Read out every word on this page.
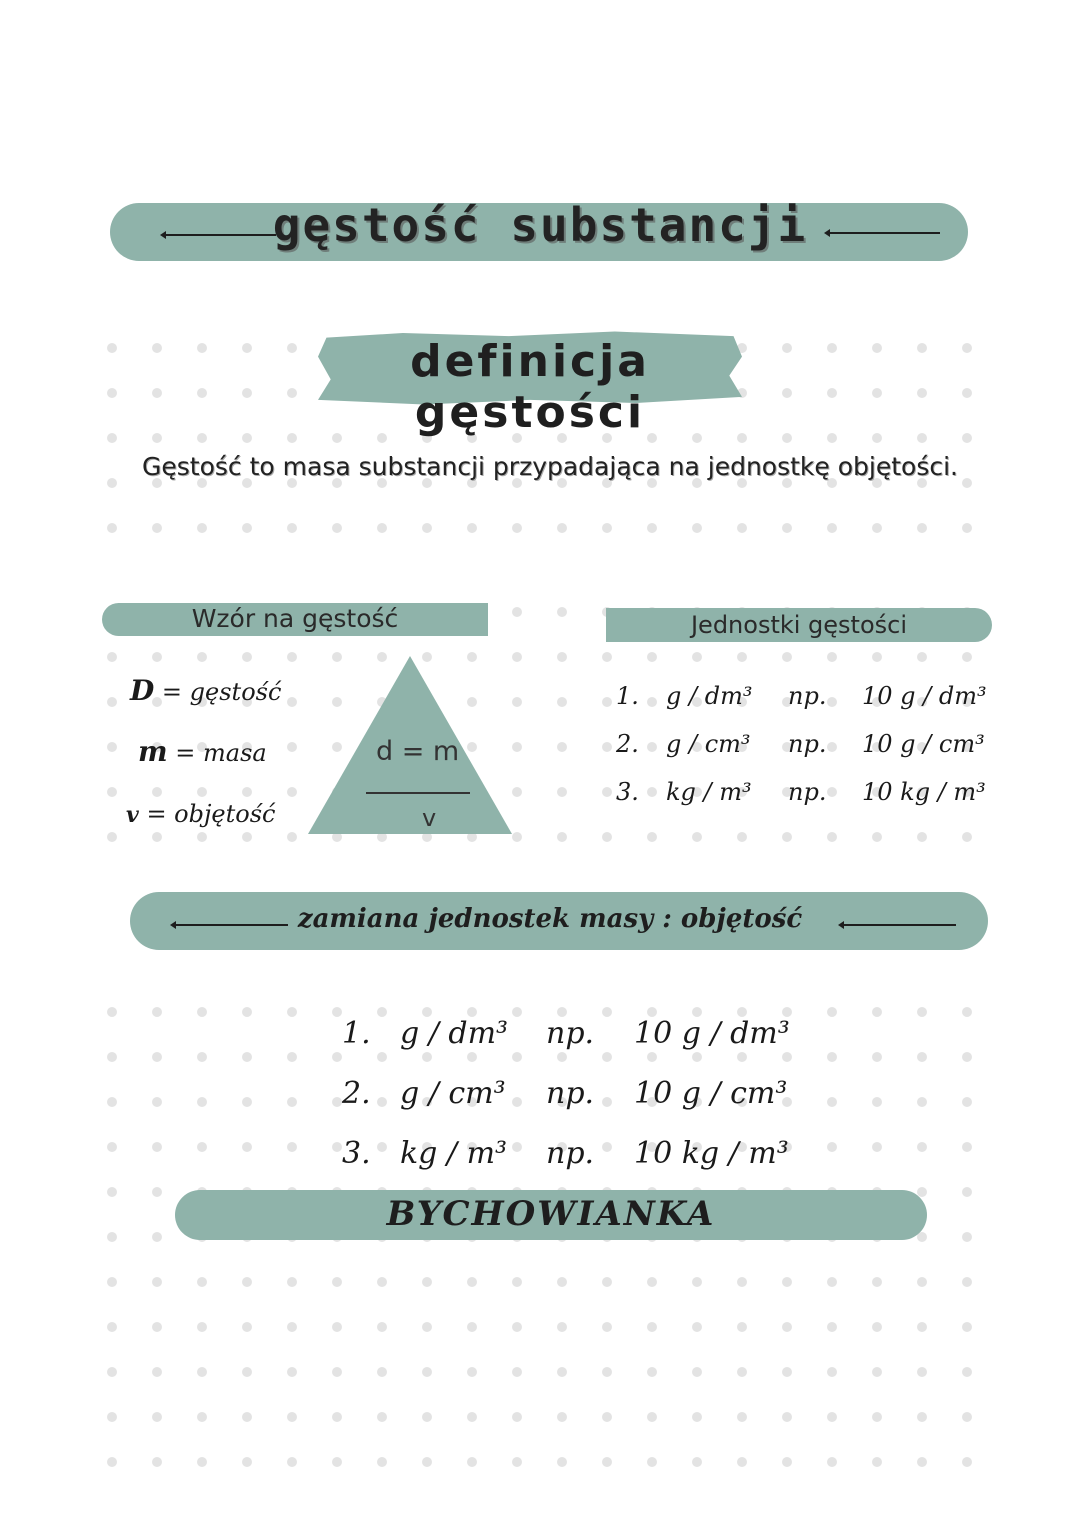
gęstość substancji
definicja gęstości
Gęstość to masa substancji przypadająca na jednostkę objętości.
Wzór na gęstość
D = gęstość
m = masa
v = objętość
d = m
v
Jednostki gęstości
1. g / dm³ np. 10 g / dm³
2. g / cm³ np. 10 g / cm³
3. kg / m³ np. 10 kg / m³
zamiana jednostek masy : objętość
1. g / dm³ np. 10 g / dm³
2. g / cm³ np. 10 g / cm³
3. kg / m³ np. 10 kg / m³
BYCHOWIANKA
